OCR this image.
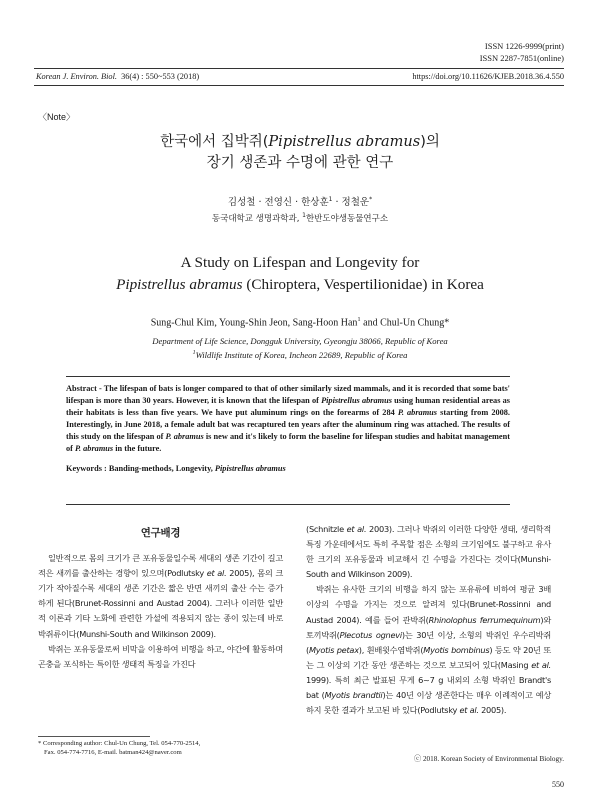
ISSN 1226-9999(print)
ISSN 2287-7851(online)
Korean J. Environ. Biol. 36(4) : 550~553 (2018)	https://doi.org/10.11626/KJEB.2018.36.4.550
〈Note〉
한국에서 집박쥐(Pipistrellus abramus)의
장기 생존과 수명에 관한 연구
김성철 · 전영신 · 한상훈$^1$ · 정철운*
동국대학교 생명과학과, $^1$한반도야생동물연구소
A Study on Lifespan and Longevity for
Pipistrellus abramus (Chiroptera, Vespertilionidae) in Korea
Sung-Chul Kim, Young-Shin Jeon, Sang-Hoon Han$^1$ and Chul-Un Chung*
Department of Life Science, Dongguk University, Gyeongju 38066, Republic of Korea
$^1$Wildlife Institute of Korea, Incheon 22689, Republic of Korea
Abstract - The lifespan of bats is longer compared to that of other similarly sized mammals, and it is recorded that some bats' lifespan is more than 30 years. However, it is known that the lifespan of Pipistrellus abramus using human residential areas as their habitats is less than five years. We have put aluminum rings on the forearms of 284 P. abramus starting from 2008. Interestingly, in June 2018, a female adult bat was recaptured ten years after the aluminum ring was attached. The results of this study on the lifespan of P. abramus is new and it's likely to form the baseline for lifespan studies and habitat management of P. abramus in the future.
Keywords : Banding-methods, Longevity, Pipistrellus abramus
연구배경

일반적으로 몸의 크기가 큰 포유동물일수록 세대의 생존 기간이 길고 적은 새끼를 출산하는 경향이 있으며(Podlutsky et al. 2005), 몸의 크기가 작아질수록 세대의 생존 기간은 짧은 반면 새끼의 출산 수는 증가하게 된다(Brunet-Rossinni and Austad 2004). 그러나 이러한 일반적 이론과 기타 노화에 관련한 가설에 적용되지 않는 종이 있는데 바로 박쥐류이다(Munshi-South and Wilkinson 2009).

박쥐는 포유동물로써 비막을 이용하여 비행을 하고, 야간에 활동하며 곤충을 포식하는 특이한 생태적 특징을 가진다

(Schnitzle et al. 2003). 그러나 박쥐의 이러한 다양한 생태, 생리학적 특징 가운데에서도 특히 주목할 점은 소형의 크기임에도 불구하고 유사한 크기의 포유동물과 비교해서 긴 수명을 가진다는 것이다(Munshi-South and Wilkinson 2009).

박쥐는 유사한 크기의 비행을 하지 않는 포유류에 비하여 평균 3배 이상의 수명을 가지는 것으로 알려져 있다(Brunet-Rossinni and Austad 2004). 예를 들어 관박쥐(Rhinolophus ferrumequinum)와 토끼박쥐(Plecotus ognevi)는 30년 이상, 소형의 박쥐인 우수리박쥐(Myotis petax), 흰배윗수염박쥐(Myotis bombinus) 등도 약 20년 또는 그 이상의 기간 동안 생존하는 것으로 보고되어 있다(Masing et al. 1999). 특히 최근 발표된 무게 6~7 g 내외의 소형 박쥐인 Brandt's bat (Myotis brandtii)는 40년 이상 생존한다는 매우 이례적이고 예상하지 못한 결과가 보고된 바 있다(Podlutsky et al. 2005).

* Corresponding author: Chul-Un Chung, Tel. 054-770-2514,
Fax. 054-774-7716, E-mail. batman424@naver.com
ⓒ 2018. Korean Society of Environmental Biology.
550
